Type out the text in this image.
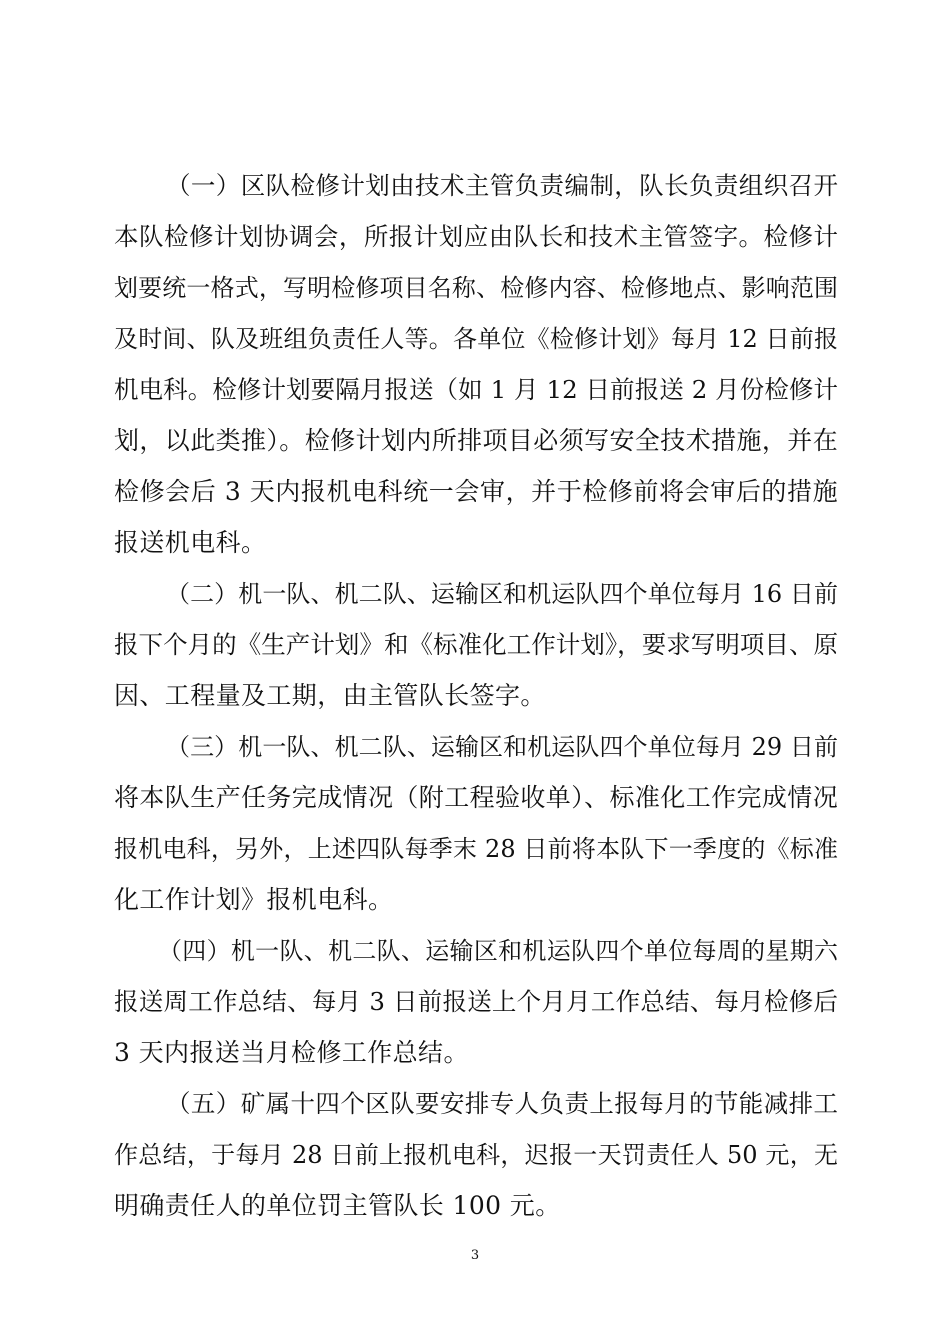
（一）区队检修计划由技术主管负责编制，队长负责组织召开
本队检修计划协调会，所报计划应由队长和技术主管签字。检修计
划要统一格式，写明检修项目名称、检修内容、检修地点、影响范围
及时间、队及班组负责任人等。各单位《检修计划》每月 12 日前报
机电科。检修计划要隔月报送（如 1 月 12 日前报送 2 月份检修计
划，以此类推）。检修计划内所排项目必须写安全技术措施，并在
检修会后 3 天内报机电科统一会审，并于检修前将会审后的措施
报送机电科。
（二）机一队、机二队、运输区和机运队四个单位每月 16 日前
报下个月的《生产计划》和《标准化工作计划》，要求写明项目、原
因、工程量及工期，由主管队长签字。
（三）机一队、机二队、运输区和机运队四个单位每月 29 日前
将本队生产任务完成情况（附工程验收单）、标准化工作完成情况
报机电科，另外，上述四队每季末 28 日前将本队下一季度的《标准
化工作计划》报机电科。
（四）机一队、机二队、运输区和机运队四个单位每周的星期六
报送周工作总结、每月 3 日前报送上个月月工作总结、每月检修后
3 天内报送当月检修工作总结。
（五）矿属十四个区队要安排专人负责上报每月的节能减排工
作总结，于每月 28 日前上报机电科，迟报一天罚责任人 50 元，无
明确责任人的单位罚主管队长 100 元。
3
